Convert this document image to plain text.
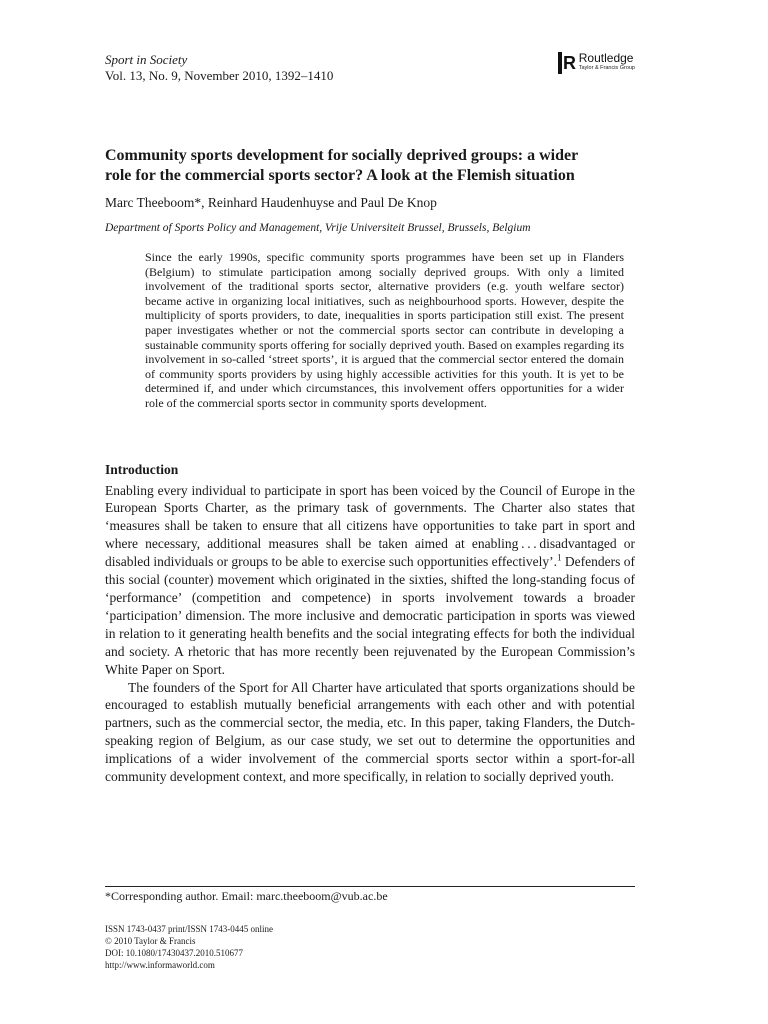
Sport in Society
Vol. 13, No. 9, November 2010, 1392–1410
R Routledge
Taylor & Francis Group
Community sports development for socially deprived groups: a wider
role for the commercial sports sector? A look at the Flemish situation
Marc Theeboom*, Reinhard Haudenhuyse and Paul De Knop
Department of Sports Policy and Management, Vrije Universiteit Brussel, Brussels, Belgium
Since the early 1990s, specific community sports programmes have been set up in Flanders (Belgium) to stimulate participation among socially deprived groups. With only a limited involvement of the traditional sports sector, alternative providers (e.g. youth welfare sector) became active in organizing local initiatives, such as neighbourhood sports. However, despite the multiplicity of sports providers, to date, inequalities in sports participation still exist. The present paper investigates whether or not the commercial sports sector can contribute in developing a sustainable community sports offering for socially deprived youth. Based on examples regarding its involvement in so-called ‘street sports’, it is argued that the commercial sector entered the domain of community sports providers by using highly accessible activities for this youth. It is yet to be determined if, and under which circumstances, this involvement offers opportunities for a wider role of the commercial sports sector in community sports development.
Introduction

Enabling every individual to participate in sport has been voiced by the Council of Europe in the European Sports Charter, as the primary task of governments. The Charter also states that ‘measures shall be taken to ensure that all citizens have opportunities to take part in sport and where necessary, additional measures shall be taken aimed at enabling . . . disadvantaged or disabled individuals or groups to be able to exercise such opportunities effectively’.$^1$ Defenders of this social (counter) movement which originated in the sixties, shifted the long-standing focus of ‘performance’ (competition and competence) in sports involvement towards a broader ‘participation’ dimension. The more inclusive and democratic participation in sports was viewed in relation to it generating health benefits and the social integrating effects for both the individual and society. A rhetoric that has more recently been rejuvenated by the European Commission’s White Paper on Sport.

The founders of the Sport for All Charter have articulated that sports organizations should be encouraged to establish mutually beneficial arrangements with each other and with potential partners, such as the commercial sector, the media, etc. In this paper, taking Flanders, the Dutch-speaking region of Belgium, as our case study, we set out to determine the opportunities and implications of a wider involvement of the commercial sports sector within a sport-for-all community development context, and more specifically, in relation to socially deprived youth.

*Corresponding author. Email: marc.theeboom@vub.ac.be
ISSN 1743-0437 print/ISSN 1743-0445 online
© 2010 Taylor & Francis
DOI: 10.1080/17430437.2010.510677
http://www.informaworld.com
